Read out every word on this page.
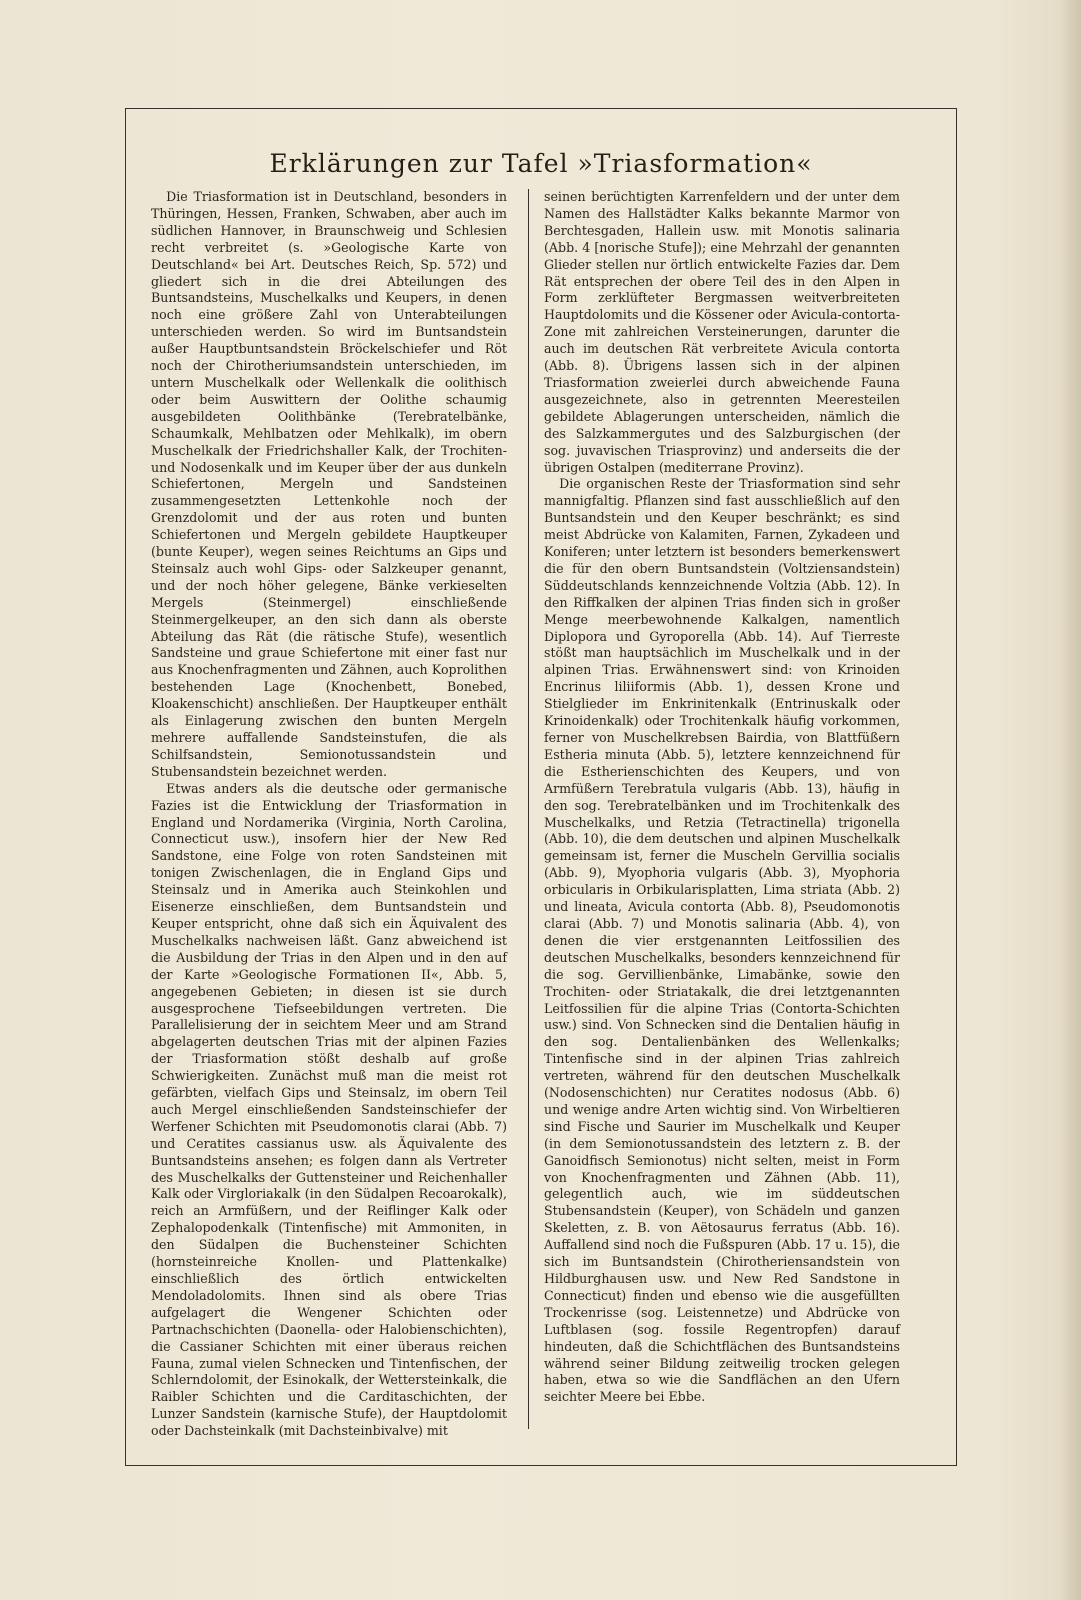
Erklärungen zur Tafel »Triasformation«

Die Triasformation ist in Deutschland, besonders in Thüringen, Hessen, Franken, Schwaben, aber auch im südlichen Hannover, in Braunschweig und Schlesien recht verbreitet (s. »Geologische Karte von Deutschland« bei Art. Deutsches Reich, Sp. 572) und gliedert sich in die drei Abteilungen des Buntsandsteins, Muschelkalks und Keupers, in denen noch eine größere Zahl von Unterabteilungen unterschieden werden. So wird im Buntsandstein außer Hauptbuntsandstein Bröckelschiefer und Röt noch der Chirotheriumsandstein unterschieden, im untern Muschelkalk oder Wellenkalk die oolithisch oder beim Auswittern der Oolithe schaumig ausgebildeten Oolithbänke (Terebratelbänke, Schaumkalk, Mehlbatzen oder Mehlkalk), im obern Muschelkalk der Friedrichshaller Kalk, der Trochiten- und Nodosenkalk und im Keuper über der aus dunkeln Schiefertonen, Mergeln und Sandsteinen zusammengesetzten Lettenkohle noch der Grenzdolomit und der aus roten und bunten Schiefertonen und Mergeln gebildete Hauptkeuper (bunte Keuper), wegen seines Reichtums an Gips und Steinsalz auch wohl Gips- oder Salzkeuper genannt, und der noch höher gelegene, Bänke verkieselten Mergels (Steinmergel) einschließende Steinmergelkeuper, an den sich dann als oberste Abteilung das Rät (die rätische Stufe), wesentlich Sandsteine und graue Schiefertone mit einer fast nur aus Knochenfragmenten und Zähnen, auch Koprolithen bestehenden Lage (Knochenbett, Bonebed, Kloakenschicht) anschließen. Der Hauptkeuper enthält als Einlagerung zwischen den bunten Mergeln mehrere auffallende Sandsteinstufen, die als Schilfsandstein, Semionotussandstein und Stubensandstein bezeichnet werden.

Etwas anders als die deutsche oder germanische Fazies ist die Entwicklung der Triasformation in England und Nordamerika (Virginia, North Carolina, Connecticut usw.), insofern hier der New Red Sandstone, eine Folge von roten Sandsteinen mit tonigen Zwischenlagen, die in England Gips und Steinsalz und in Amerika auch Steinkohlen und Eisenerze einschließen, dem Buntsandstein und Keuper entspricht, ohne daß sich ein Äquivalent des Muschelkalks nachweisen läßt. Ganz abweichend ist die Ausbildung der Trias in den Alpen und in den auf der Karte »Geologische Formationen II«, Abb. 5, angegebenen Gebieten; in diesen ist sie durch ausgesprochene Tiefseebildungen vertreten. Die Parallelisierung der in seichtem Meer und am Strand abgelagerten deutschen Trias mit der alpinen Fazies der Triasformation stößt deshalb auf große Schwierigkeiten. Zunächst muß man die meist rot gefärbten, vielfach Gips und Steinsalz, im obern Teil auch Mergel einschließenden Sandsteinschiefer der Werfener Schichten mit Pseudomonotis clarai (Abb. 7) und Ceratites cassianus usw. als Äquivalente des Buntsandsteins ansehen; es folgen dann als Vertreter des Muschelkalks der Guttensteiner und Reichenhaller Kalk oder Virgloriakalk (in den Südalpen Recoarokalk), reich an Armfüßern, und der Reiflinger Kalk oder Zephalopodenkalk (Tintenfische) mit Ammoniten, in den Südalpen die Buchensteiner Schichten (hornsteinreiche Knollen- und Plattenkalke) einschließlich des örtlich entwickelten Mendoladolomits. Ihnen sind als obere Trias aufgelagert die Wengener Schichten oder Partnachschichten (Daonella- oder Halobienschichten), die Cassianer Schichten mit einer überaus reichen Fauna, zumal vielen Schnecken und Tintenfischen, der Schlerndolomit, der Esinokalk, der Wettersteinkalk, die Raibler Schichten und die Carditaschichten, der Lunzer Sandstein (karnische Stufe), der Hauptdolomit oder Dachsteinkalk (mit Dachsteinbivalve) mit

seinen berüchtigten Karrenfeldern und der unter dem Namen des Hallstädter Kalks bekannte Marmor von Berchtesgaden, Hallein usw. mit Monotis salinaria (Abb. 4 [norische Stufe]); eine Mehrzahl der genannten Glieder stellen nur örtlich entwickelte Fazies dar. Dem Rät entsprechen der obere Teil des in den Alpen in Form zerklüfteter Bergmassen weitverbreiteten Hauptdolomits und die Kössener oder Avicula-contorta-Zone mit zahlreichen Versteinerungen, darunter die auch im deutschen Rät verbreitete Avicula contorta (Abb. 8). Übrigens lassen sich in der alpinen Triasformation zweierlei durch abweichende Fauna ausgezeichnete, also in getrennten Meeresteilen gebildete Ablagerungen unterscheiden, nämlich die des Salzkammergutes und des Salzburgischen (der sog. juvavischen Triasprovinz) und anderseits die der übrigen Ostalpen (mediterrane Provinz).

Die organischen Reste der Triasformation sind sehr mannigfaltig. Pflanzen sind fast ausschließlich auf den Buntsandstein und den Keuper beschränkt; es sind meist Abdrücke von Kalamiten, Farnen, Zykadeen und Koniferen; unter letztern ist besonders bemerkenswert die für den obern Buntsandstein (Voltziensandstein) Süddeutschlands kennzeichnende Voltzia (Abb. 12). In den Riffkalken der alpinen Trias finden sich in großer Menge meerbewohnende Kalkalgen, namentlich Diplopora und Gyroporella (Abb. 14). Auf Tierreste stößt man hauptsächlich im Muschelkalk und in der alpinen Trias. Erwähnenswert sind: von Krinoiden Encrinus liliiformis (Abb. 1), dessen Krone und Stielglieder im Enkrinitenkalk (Entrinuskalk oder Krinoidenkalk) oder Trochitenkalk häufig vorkommen, ferner von Muschelkrebsen Bairdia, von Blattfüßern Estheria minuta (Abb. 5), letztere kennzeichnend für die Estherienschichten des Keupers, und von Armfüßern Terebratula vulgaris (Abb. 13), häufig in den sog. Terebratelbänken und im Trochitenkalk des Muschelkalks, und Retzia (Tetractinella) trigonella (Abb. 10), die dem deutschen und alpinen Muschelkalk gemeinsam ist, ferner die Muscheln Gervillia socialis (Abb. 9), Myophoria vulgaris (Abb. 3), Myophoria orbicularis in Orbikularisplatten, Lima striata (Abb. 2) und lineata, Avicula contorta (Abb. 8), Pseudomonotis clarai (Abb. 7) und Monotis salinaria (Abb. 4), von denen die vier erstgenannten Leitfossilien des deutschen Muschelkalks, besonders kennzeichnend für die sog. Gervillienbänke, Limabänke, sowie den Trochiten- oder Striatakalk, die drei letztgenannten Leitfossilien für die alpine Trias (Contorta-Schichten usw.) sind. Von Schnecken sind die Dentalien häufig in den sog. Dentalienbänken des Wellenkalks; Tintenfische sind in der alpinen Trias zahlreich vertreten, während für den deutschen Muschelkalk (Nodosenschichten) nur Ceratites nodosus (Abb. 6) und wenige andre Arten wichtig sind. Von Wirbeltieren sind Fische und Saurier im Muschelkalk und Keuper (in dem Semionotussandstein des letztern z. B. der Ganoidfisch Semionotus) nicht selten, meist in Form von Knochenfragmenten und Zähnen (Abb. 11), gelegentlich auch, wie im süddeutschen Stubensandstein (Keuper), von Schädeln und ganzen Skeletten, z. B. von Aëtosaurus ferratus (Abb. 16). Auffallend sind noch die Fußspuren (Abb. 17 u. 15), die sich im Buntsandstein (Chirotheriensandstein von Hildburghausen usw. und New Red Sandstone in Connecticut) finden und ebenso wie die ausgefüllten Trockenrisse (sog. Leistennetze) und Abdrücke von Luftblasen (sog. fossile Regentropfen) darauf hindeuten, daß die Schichtflächen des Buntsandsteins während seiner Bildung zeitweilig trocken gelegen haben, etwa so wie die Sandflächen an den Ufern seichter Meere bei Ebbe.
